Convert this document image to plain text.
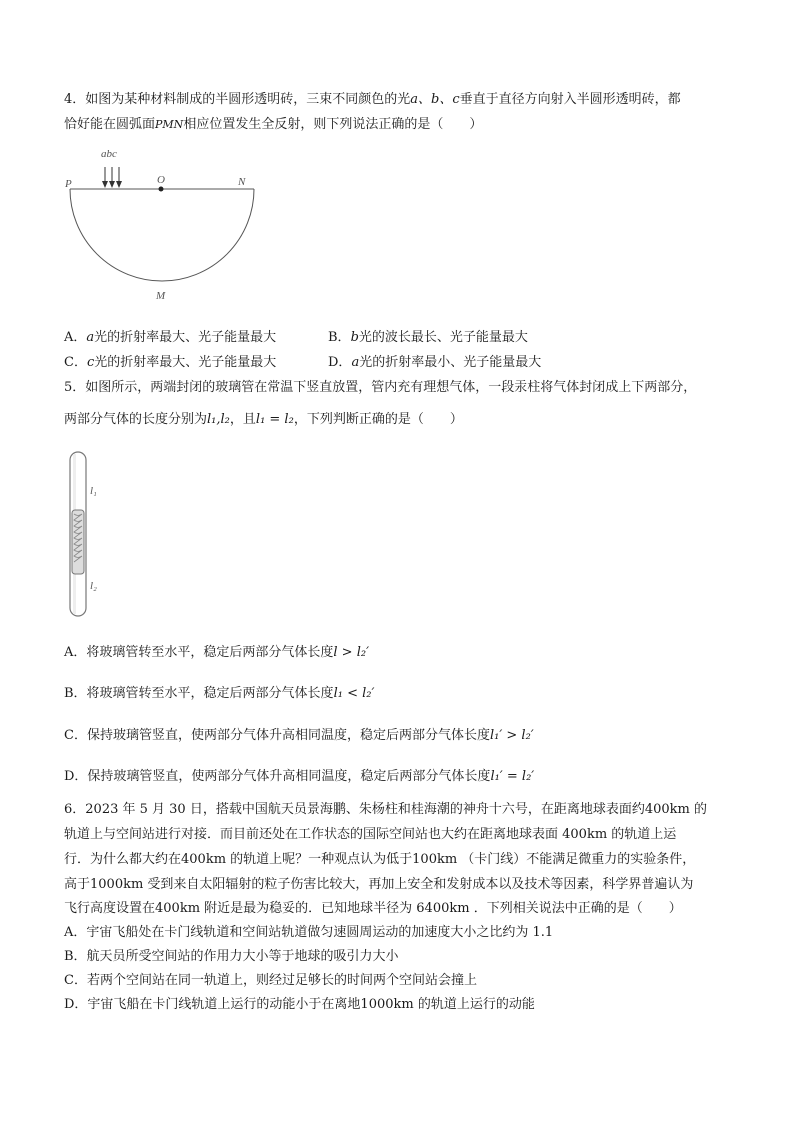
4．如图为某种材料制成的半圆形透明砖，三束不同颜色的光a、b、c垂直于直径方向射入半圆形透明砖，都
恰好能在圆弧面PMN相应位置发生全反射，则下列说法正确的是（　　）
abc
P	O	N
M
A．a光的折射率最大、光子能量最大	B．b光的波长最长、光子能量最大
C．c光的折射率最大、光子能量最大	D．a光的折射率最小、光子能量最大
5．如图所示，两端封闭的玻璃管在常温下竖直放置，管内充有理想气体，一段汞柱将气体封闭成上下两部分，
两部分气体的长度分别为l₁,l₂，且l₁ = l₂，下列判断正确的是（　　）
l₁
l₂
A．将玻璃管转至水平，稳定后两部分气体长度l > l₂′
B．将玻璃管转至水平，稳定后两部分气体长度l₁ < l₂′
C．保持玻璃管竖直，使两部分气体升高相同温度，稳定后两部分气体长度l₁′ > l₂′
D．保持玻璃管竖直，使两部分气体升高相同温度，稳定后两部分气体长度l₁′ = l₂′
6．2023 年 5 月 30 日，搭载中国航天员景海鹏、朱杨柱和桂海潮的神舟十六号，在距离地球表面约400km 的
轨道上与空间站进行对接．而目前还处在工作状态的国际空间站也大约在距离地球表面 400km 的轨道上运
行．为什么都大约在400km 的轨道上呢？一种观点认为低于100km （卡门线）不能满足微重力的实验条件，
高于1000km 受到来自太阳辐射的粒子伤害比较大，再加上安全和发射成本以及技术等因素，科学界普遍认为
飞行高度设置在400km 附近是最为稳妥的．已知地球半径为 6400km ．下列相关说法中正确的是（　　）
A．宇宙飞船处在卡门线轨道和空间站轨道做匀速圆周运动的加速度大小之比约为 1.1
B．航天员所受空间站的作用力大小等于地球的吸引力大小
C．若两个空间站在同一轨道上，则经过足够长的时间两个空间站会撞上
D．宇宙飞船在卡门线轨道上运行的动能小于在离地1000km 的轨道上运行的动能
